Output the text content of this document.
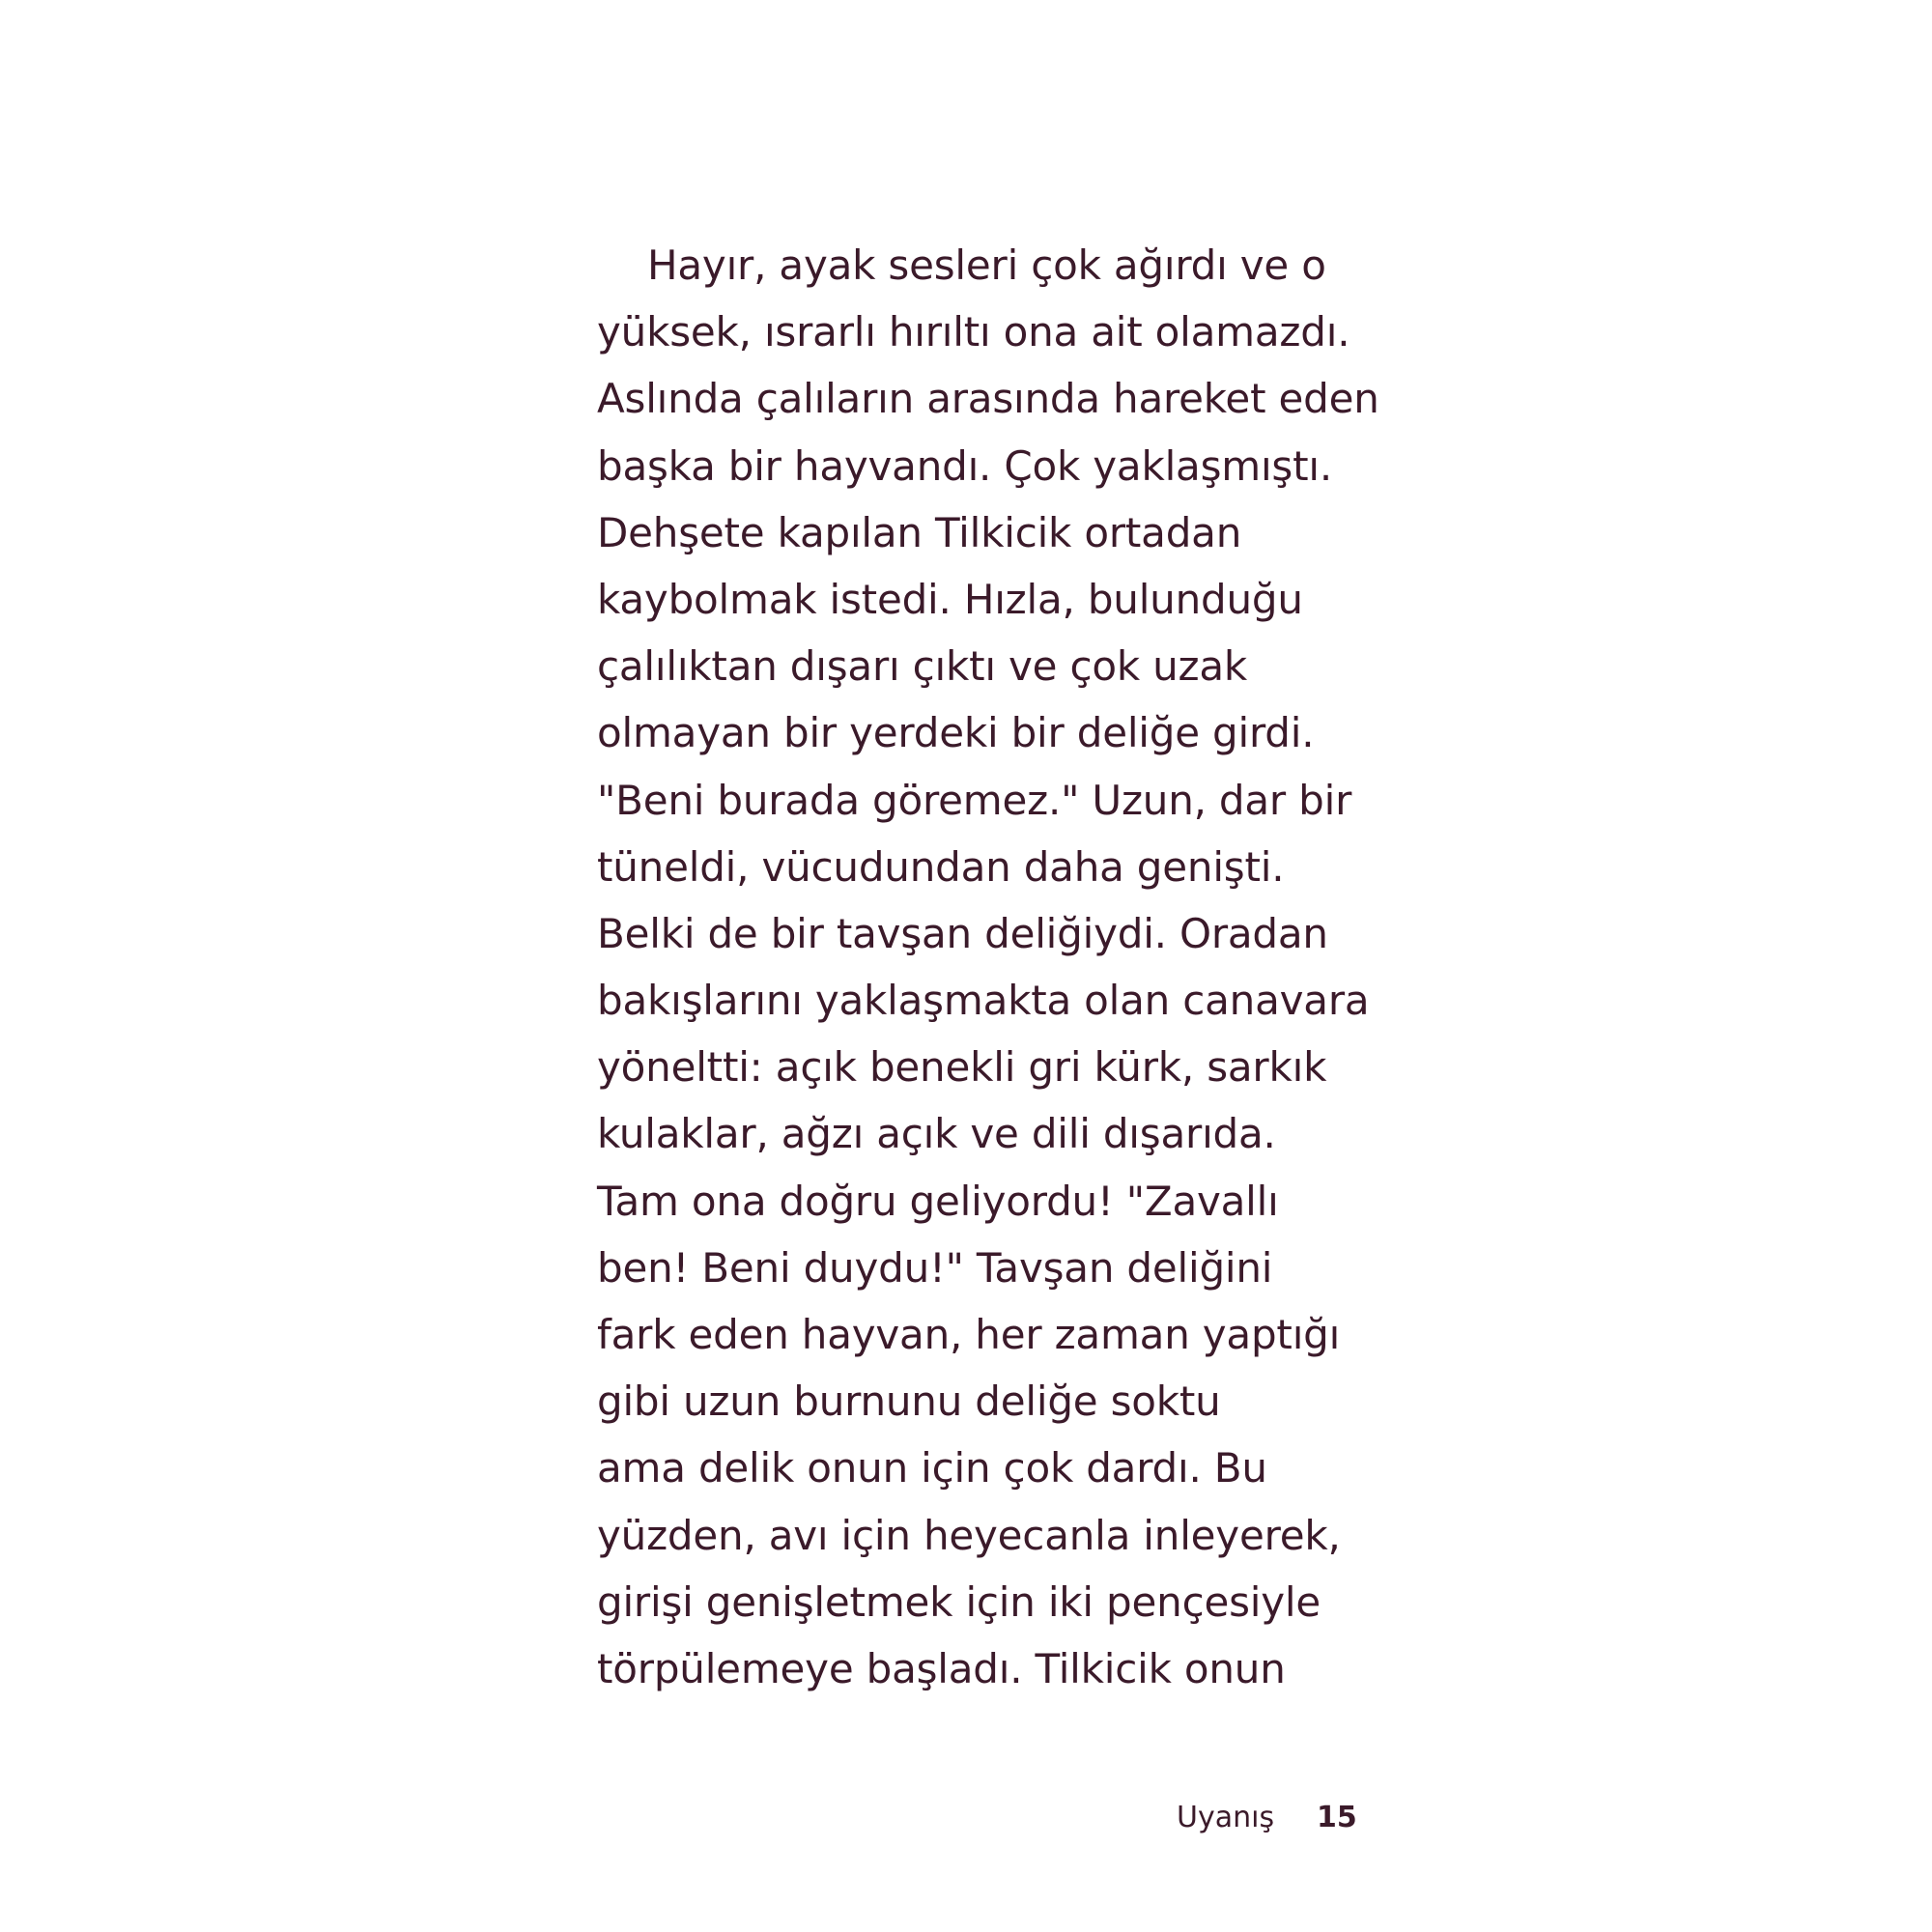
Hayır, ayak sesleri çok ağırdı ve o
yüksek, ısrarlı hırıltı ona ait olamazdı.
Aslında çalıların arasında hareket eden
başka bir hayvandı. Çok yaklaşmıştı.
Dehşete kapılan Tilkicik ortadan
kaybolmak istedi. Hızla, bulunduğu
çalılıktan dışarı çıktı ve çok uzak
olmayan bir yerdeki bir deliğe girdi.
"Beni burada göremez." Uzun, dar bir
tüneldi, vücudundan daha genişti.
Belki de bir tavşan deliğiydi. Oradan
bakışlarını yaklaşmakta olan canavara
yöneltti: açık benekli gri kürk, sarkık
kulaklar, ağzı açık ve dili dışarıda.
Tam ona doğru geliyordu! "Zavallı
ben! Beni duydu!" Tavşan deliğini
fark eden hayvan, her zaman yaptığı
gibi uzun burnunu deliğe soktu
ama delik onun için çok dardı. Bu
yüzden, avı için heyecanla inleyerek,
girişi genişletmek için iki pençesiyle
törpülemeye başladı. Tilkicik onun
Uyanış 15
